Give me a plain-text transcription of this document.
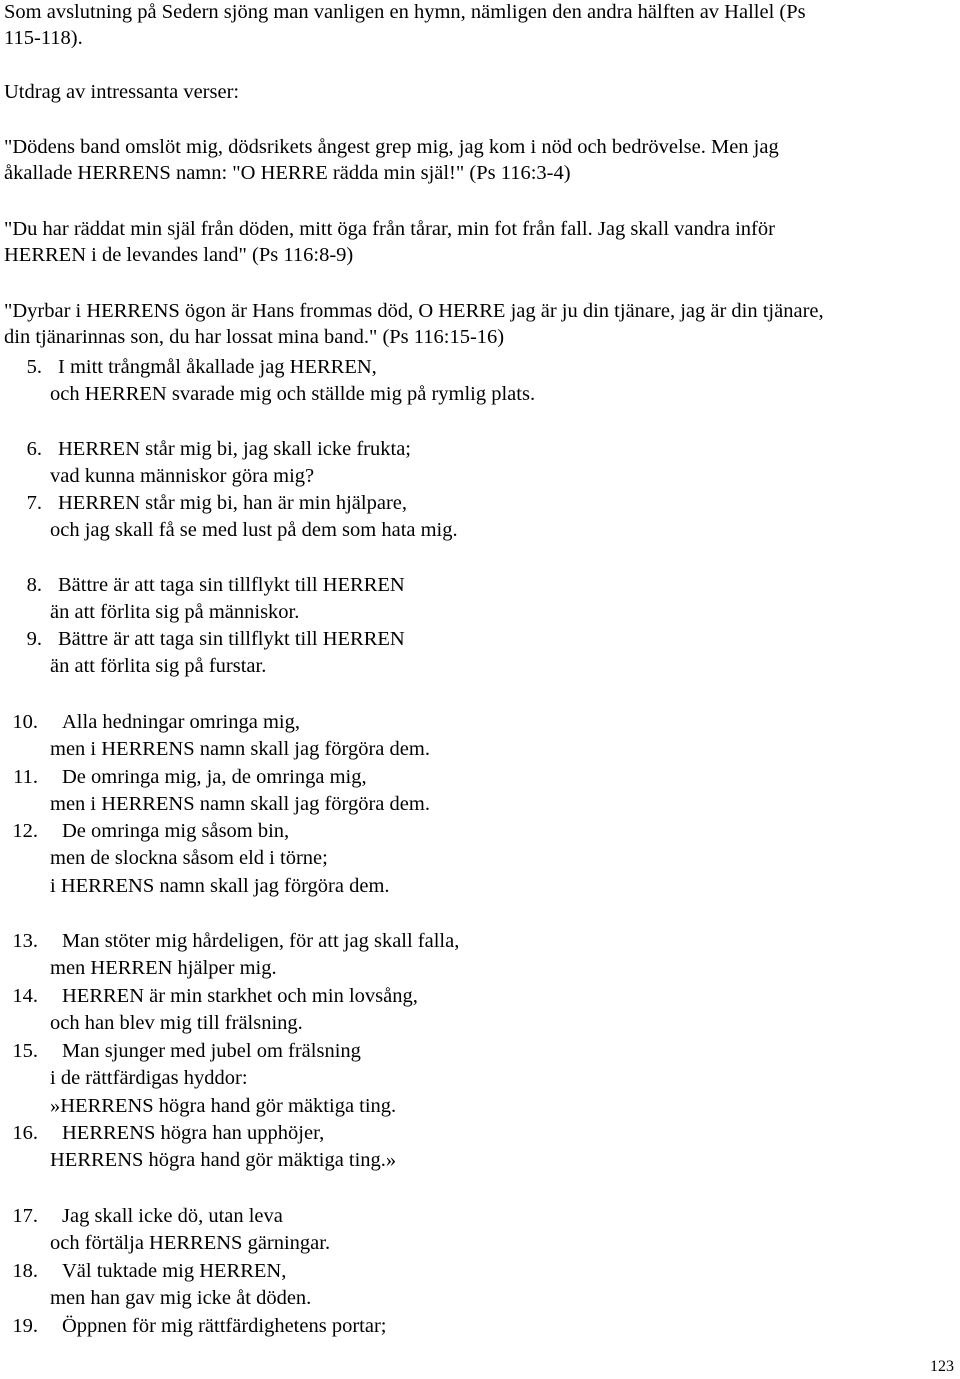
Som avslutning på Sedern sjöng man vanligen en hymn, nämligen den andra hälften av Hallel (Ps
115-118).
Utdrag av intressanta verser:
"Dödens band omslöt mig, dödsrikets ångest grep mig, jag kom i nöd och bedrövelse. Men jag
åkallade HERRENS namn: "O HERRE rädda min själ!" (Ps 116:3-4)
"Du har räddat min själ från döden, mitt öga från tårar, min fot från fall. Jag skall vandra inför
HERREN i de levandes land" (Ps 116:8-9)
"Dyrbar i HERRENS ögon är Hans frommas död, O HERRE jag är ju din tjänare, jag är din tjänare,
din tjänarinnas son, du har lossat mina band." (Ps 116:15-16)
5. I mitt trångmål åkallade jag HERREN,
och HERREN svarade mig och ställde mig på rymlig plats.
6. HERREN står mig bi, jag skall icke frukta;
vad kunna människor göra mig?
7. HERREN står mig bi, han är min hjälpare,
och jag skall få se med lust på dem som hata mig.
8. Bättre är att taga sin tillflykt till HERREN
än att förlita sig på människor.
9. Bättre är att taga sin tillflykt till HERREN
än att förlita sig på furstar.
10. Alla hedningar omringa mig,
men i HERRENS namn skall jag förgöra dem.
11. De omringa mig, ja, de omringa mig,
men i HERRENS namn skall jag förgöra dem.
12. De omringa mig såsom bin,
men de slockna såsom eld i törne;
i HERRENS namn skall jag förgöra dem.
13. Man stöter mig hårdeligen, för att jag skall falla,
men HERREN hjälper mig.
14. HERREN är min starkhet och min lovsång,
och han blev mig till frälsning.
15. Man sjunger med jubel om frälsning
i de rättfärdigas hyddor:
»HERRENS högra hand gör mäktiga ting.
16. HERRENS högra han upphöjer,
HERRENS högra hand gör mäktiga ting.»
17. Jag skall icke dö, utan leva
och förtälja HERRENS gärningar.
18. Väl tuktade mig HERREN,
men han gav mig icke åt döden.
19. Öppnen för mig rättfärdighetens portar;
123
